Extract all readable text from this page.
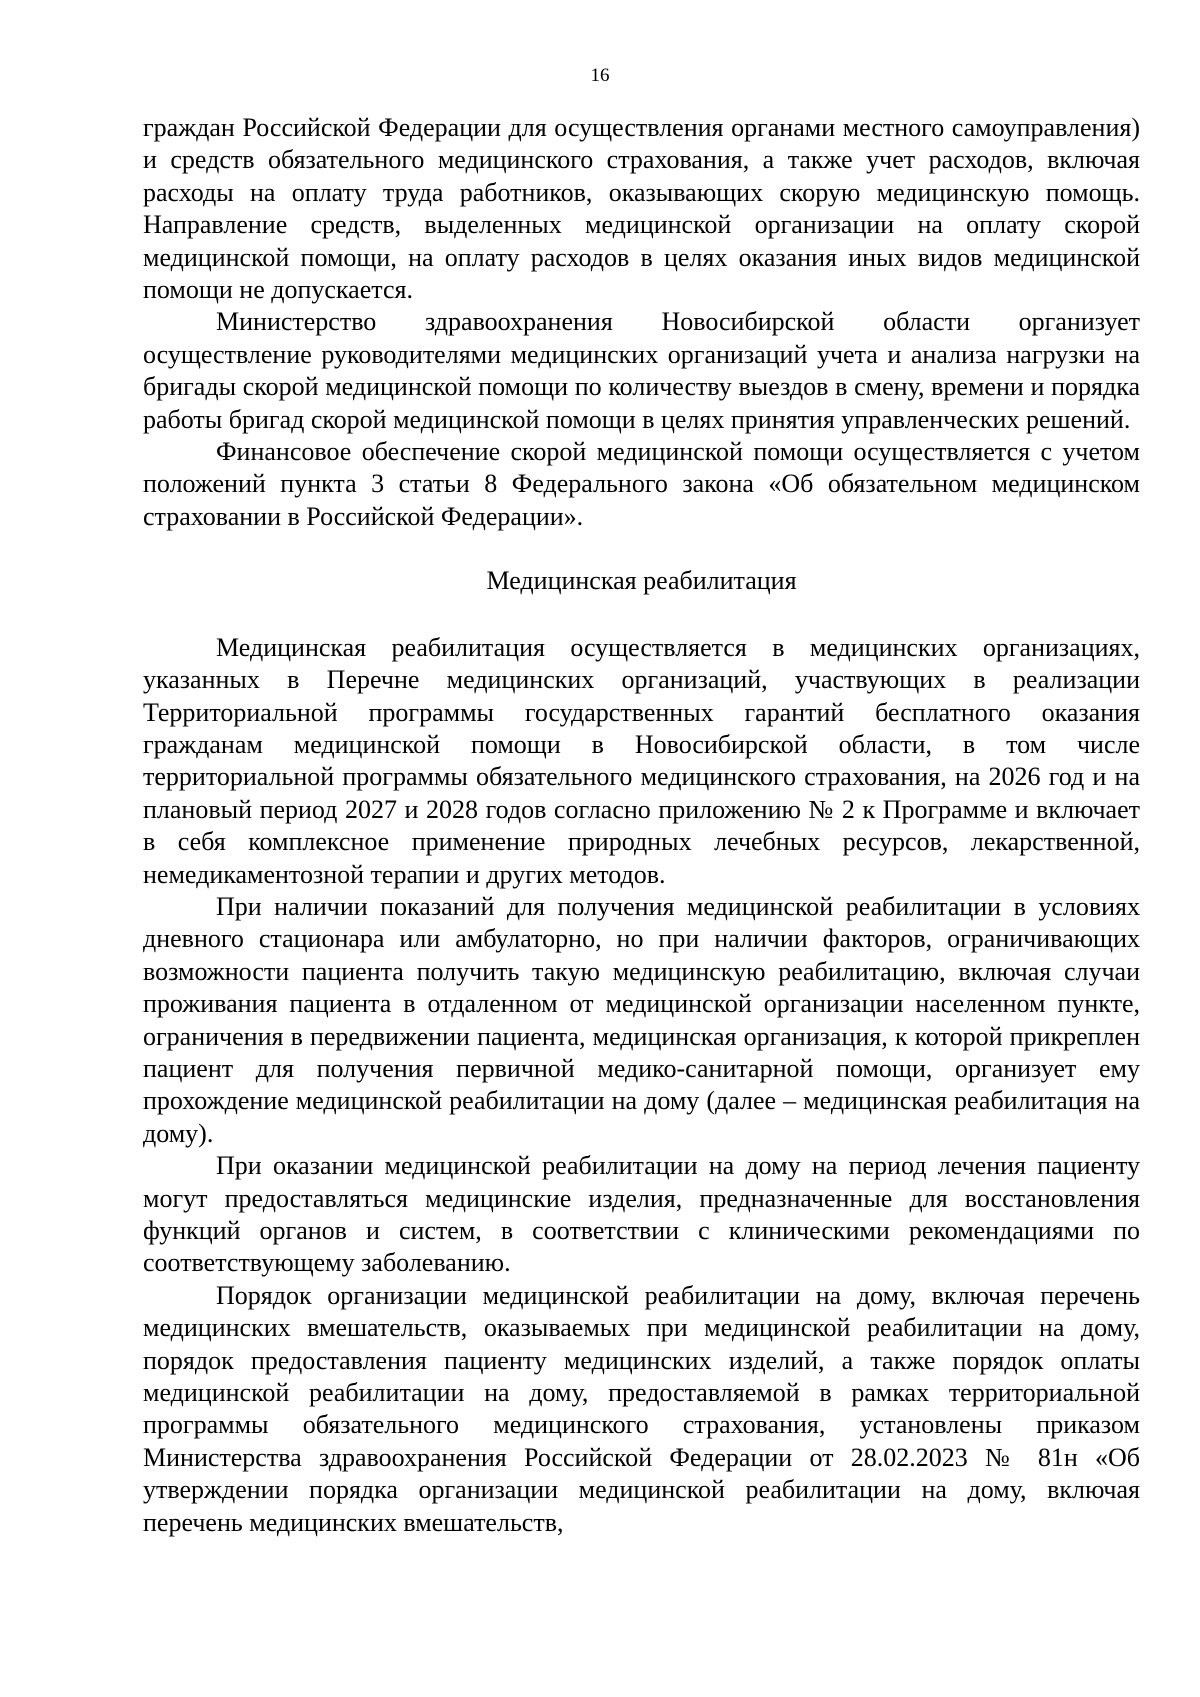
16

граждан Российской Федерации для осуществления органами местного самоуправления) и средств обязательного медицинского страхования, а также учет расходов, включая расходы на оплату труда работников, оказывающих скорую медицинскую помощь. Направление средств, выделенных медицинской организации на оплату скорой медицинской помощи, на оплату расходов в целях оказания иных видов медицинской помощи не допускается.

Министерство здравоохранения Новосибирской области организует осуществление руководителями медицинских организаций учета и анализа нагрузки на бригады скорой медицинской помощи по количеству выездов в смену, времени и порядка работы бригад скорой медицинской помощи в целях принятия управленческих решений.

Финансовое обеспечение скорой медицинской помощи осуществляется с учетом положений пункта 3 статьи 8 Федерального закона «Об обязательном медицинском страховании в Российской Федерации».

Медицинская реабилитация

Медицинская реабилитация осуществляется в медицинских организациях, указанных в Перечне медицинских организаций, участвующих в реализации Территориальной программы государственных гарантий бесплатного оказания гражданам медицинской помощи в Новосибирской области, в том числе территориальной программы обязательного медицинского страхования, на 2026 год и на плановый период 2027 и 2028 годов согласно приложению № 2 к Программе и включает в себя комплексное применение природных лечебных ресурсов, лекарственной, немедикаментозной терапии и других методов.

При наличии показаний для получения медицинской реабилитации в условиях дневного стационара или амбулаторно, но при наличии факторов, ограничивающих возможности пациента получить такую медицинскую реабилитацию, включая случаи проживания пациента в отдаленном от медицинской организации населенном пункте, ограничения в передвижении пациента, медицинская организация, к которой прикреплен пациент для получения первичной медико-санитарной помощи, организует ему прохождение медицинской реабилитации на дому (далее – медицинская реабилитация на дому).

При оказании медицинской реабилитации на дому на период лечения пациенту могут предоставляться медицинские изделия, предназначенные для восстановления функций органов и систем, в соответствии с клиническими рекомендациями по соответствующему заболеванию.

Порядок организации медицинской реабилитации на дому, включая перечень медицинских вмешательств, оказываемых при медицинской реабилитации на дому, порядок предоставления пациенту медицинских изделий, а также порядок оплаты медицинской реабилитации на дому, предоставляемой в рамках территориальной программы обязательного медицинского страхования, установлены приказом Министерства здравоохранения Российской Федерации от 28.02.2023 № 81н «Об утверждении порядка организации медицинской реабилитации на дому, включая перечень медицинских вмешательств,
